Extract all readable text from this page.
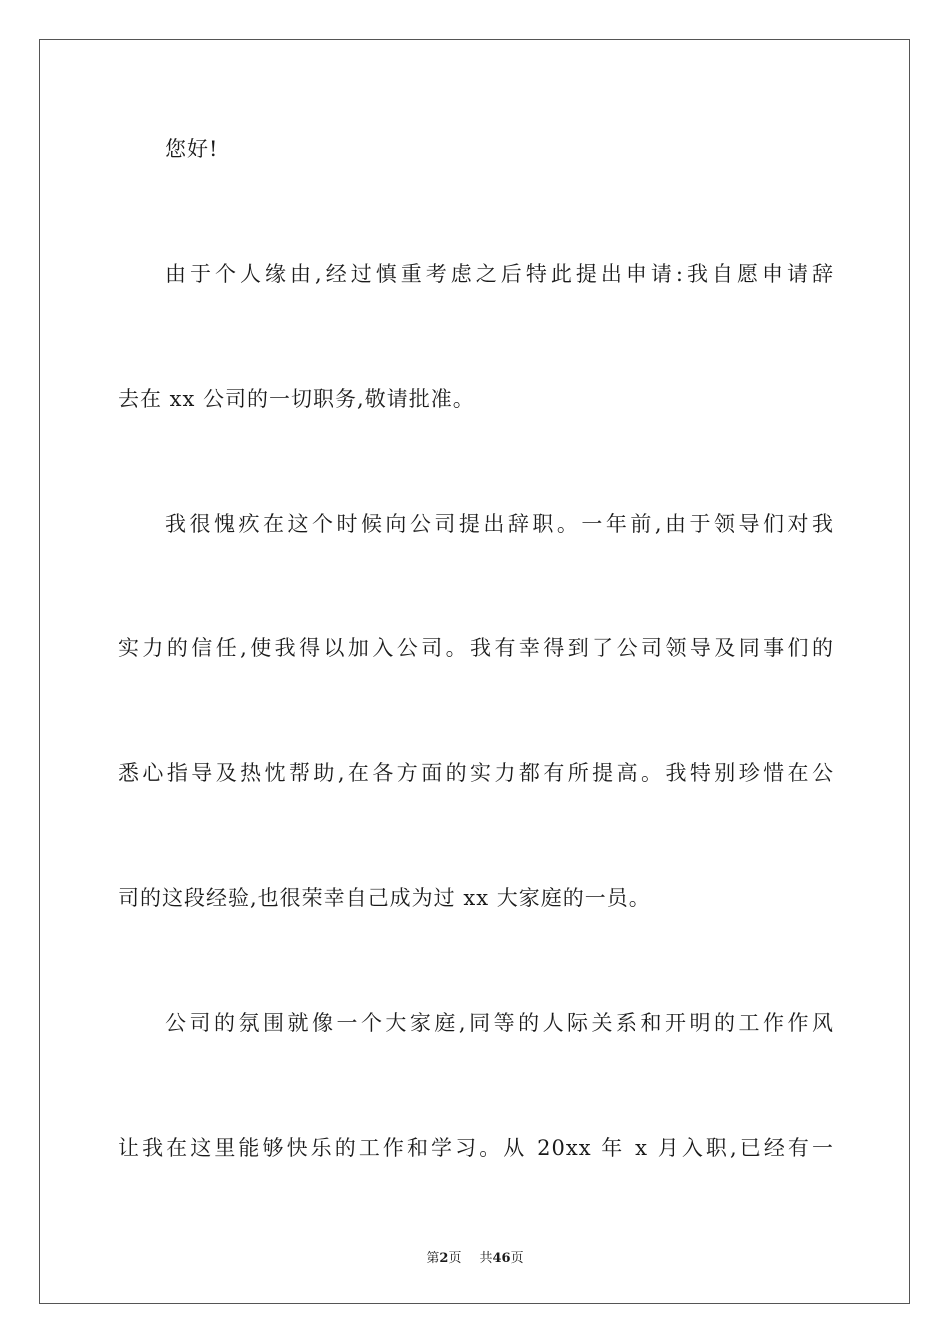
您好!
由于个人缘由,经过慎重考虑之后特此提出申请:我自愿申请辞
去在 xx 公司的一切职务,敬请批准。
我很愧疚在这个时候向公司提出辞职。一年前,由于领导们对我
实力的信任,使我得以加入公司。我有幸得到了公司领导及同事们的
悉心指导及热忱帮助,在各方面的实力都有所提高。我特别珍惜在公
司的这段经验,也很荣幸自己成为过 xx 大家庭的一员。
公司的氛围就像一个大家庭,同等的人际关系和开明的工作作风
让我在这里能够快乐的工作和学习。从 20xx 年 x 月入职,已经有一
第2页 共46页
